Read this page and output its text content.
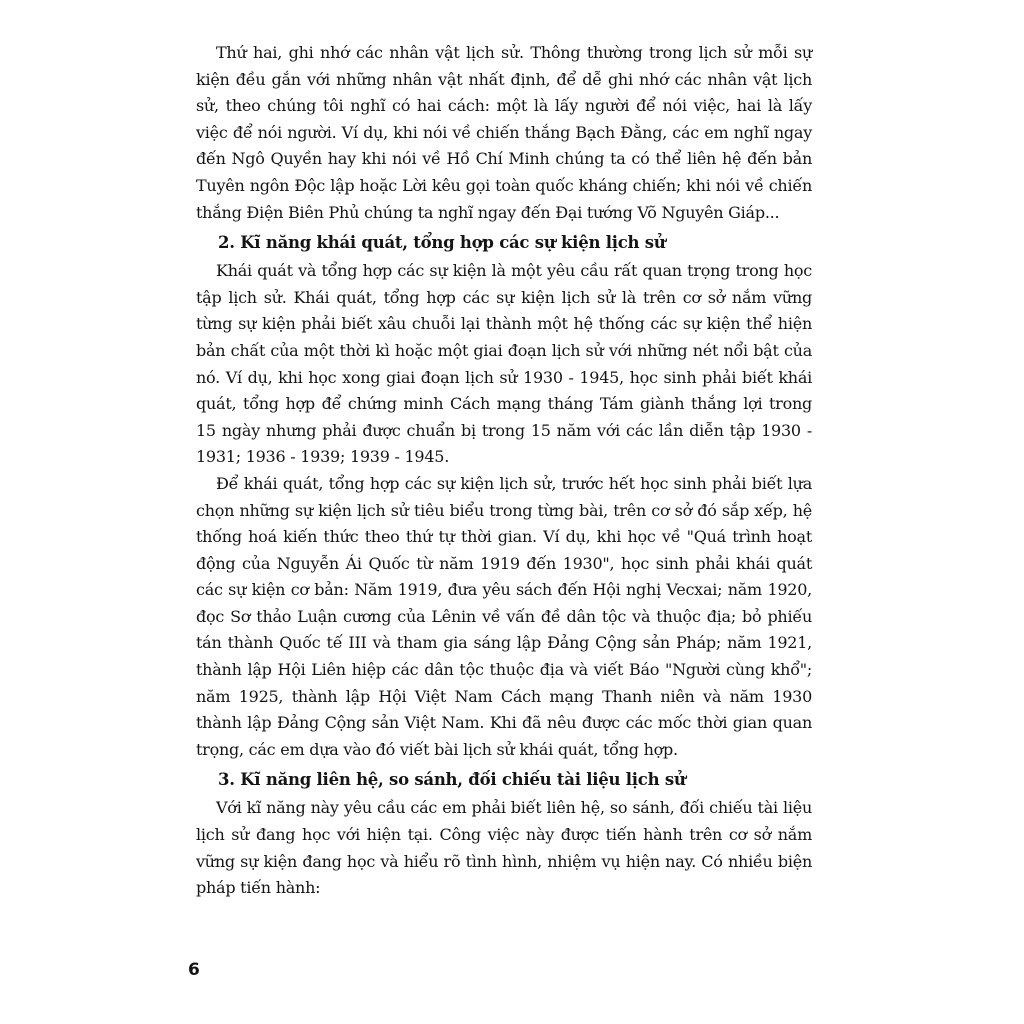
Thứ hai, ghi nhớ các nhân vật lịch sử. Thông thường trong lịch sử mỗi sự kiện đều gắn với những nhân vật nhất định, để dễ ghi nhớ các nhân vật lịch sử, theo chúng tôi nghĩ có hai cách: một là lấy người để nói việc, hai là lấy việc để nói người. Ví dụ, khi nói về chiến thắng Bạch Đằng, các em nghĩ ngay đến Ngô Quyền hay khi nói về Hồ Chí Minh chúng ta có thể liên hệ đến bản Tuyên ngôn Độc lập hoặc Lời kêu gọi toàn quốc kháng chiến; khi nói về chiến thắng Điện Biên Phủ chúng ta nghĩ ngay đến Đại tướng Võ Nguyên Giáp...

2. Kĩ năng khái quát, tổng hợp các sự kiện lịch sử

Khái quát và tổng hợp các sự kiện là một yêu cầu rất quan trọng trong học tập lịch sử. Khái quát, tổng hợp các sự kiện lịch sử là trên cơ sở nắm vững từng sự kiện phải biết xâu chuỗi lại thành một hệ thống các sự kiện thể hiện bản chất của một thời kì hoặc một giai đoạn lịch sử với những nét nổi bật của nó. Ví dụ, khi học xong giai đoạn lịch sử 1930 - 1945, học sinh phải biết khái quát, tổng hợp để chứng minh Cách mạng tháng Tám giành thắng lợi trong 15 ngày nhưng phải được chuẩn bị trong 15 năm với các lần diễn tập 1930 - 1931; 1936 - 1939; 1939 - 1945.

Để khái quát, tổng hợp các sự kiện lịch sử, trước hết học sinh phải biết lựa chọn những sự kiện lịch sử tiêu biểu trong từng bài, trên cơ sở đó sắp xếp, hệ thống hoá kiến thức theo thứ tự thời gian. Ví dụ, khi học về "Quá trình hoạt động của Nguyễn Ái Quốc từ năm 1919 đến 1930", học sinh phải khái quát các sự kiện cơ bản: Năm 1919, đưa yêu sách đến Hội nghị Vecxai; năm 1920, đọc Sơ thảo Luận cương của Lênin về vấn đề dân tộc và thuộc địa; bỏ phiếu tán thành Quốc tế III và tham gia sáng lập Đảng Cộng sản Pháp; năm 1921, thành lập Hội Liên hiệp các dân tộc thuộc địa và viết Báo "Người cùng khổ"; năm 1925, thành lập Hội Việt Nam Cách mạng Thanh niên và năm 1930 thành lập Đảng Cộng sản Việt Nam. Khi đã nêu được các mốc thời gian quan trọng, các em dựa vào đó viết bài lịch sử khái quát, tổng hợp.

3. Kĩ năng liên hệ, so sánh, đối chiếu tài liệu lịch sử

Với kĩ năng này yêu cầu các em phải biết liên hệ, so sánh, đối chiếu tài liệu lịch sử đang học với hiện tại. Công việc này được tiến hành trên cơ sở nắm vững sự kiện đang học và hiểu rõ tình hình, nhiệm vụ hiện nay. Có nhiều biện pháp tiến hành:

6
